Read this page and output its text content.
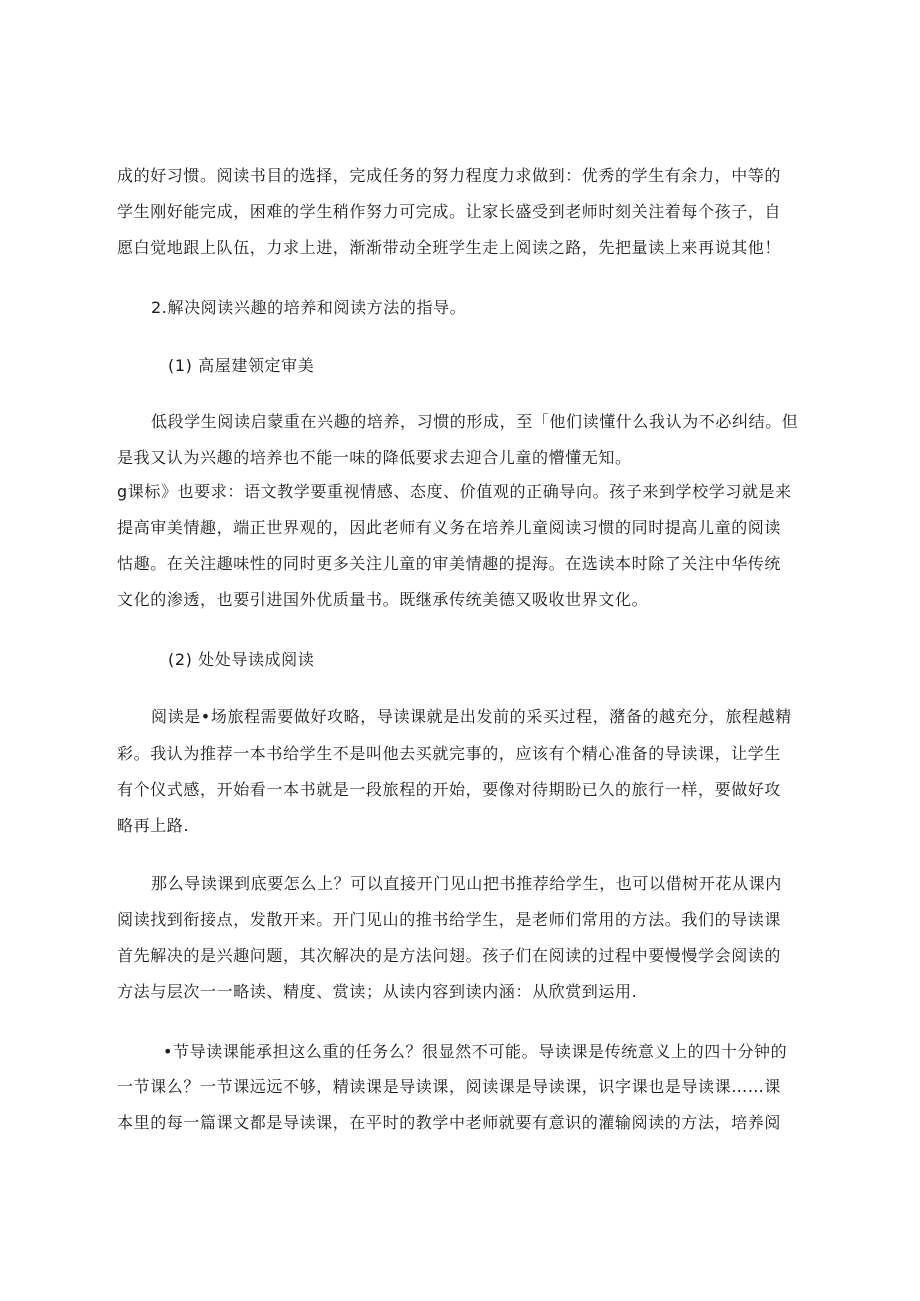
成的好习惯。阅读书目的选择，完成任务的努力程度力求做到：优秀的学生有余力，中等的
学生刚好能完成，困难的学生稍作努力可完成。让家长盛受到老师时刻关注着每个孩子，自
愿白觉地跟上队伍，力求上进，渐渐带动全班学生走上阅读之路，先把量读上来再说其他！
2.解决阅读兴趣的培养和阅读方法的指导。
(1) 高屋建领定审美
低段学生阅读启蒙重在兴趣的培养，习惯的形成，至「他们读懂什么我认为不必纠结。但
是我又认为兴趣的培养也不能一味的降低要求去迎合儿童的懵懂无知。
g课标》也要求：语文教学要重视情感、态度、价值观的正确导向。孩子来到学校学习就是来
提高审美情趣，端正世界观的，因此老师有义务在培养儿童阅读习惯的同时提高儿童的阅读
怙趣。在关注趣味性的同时更多关注儿童的审美情趣的提海。在选读本时除了关注中华传统
文化的渗透，也要引进国外优质量书。既继承传统美德又吸收世界文化。
(2) 处处导读成阅读
阅读是•场旅程需要做好攻略，导读课就是出发前的采买过程，潴备的越充分，旅程越精
彩。我认为推荐一本书给学生不是叫他去买就完事的，应该有个精心准备的导读课，让学生
有个仪式感，开始看一本书就是一段旅程的开始，要像对待期盼已久的旅行一样，要做好攻
略再上路.
那么导读课到底要怎么上？可以直接开门见山把书推荐给学生，也可以借树开花从课内
阅读找到衔接点，发散开来。开门见山的推书给学生，是老师们常用的方法。我们的导读课
首先解决的是兴趣问题，其次解决的是方法问翅。孩子们在阅读的过程中要慢慢学会阅读的
方法与层次一一略读、精度、赏读；从读内容到读内涵：从欣赏到运用.
•节导读课能承担这么重的任务么？很显然不可能。导读课是传统意义上的四十分钟的
一节课么？一节课远远不够，精读课是导读课，阅读课是导读课，识字课也是导读课……课
本里的每一篇课文都是导读课，在平时的教学中老师就要有意识的灌输阅读的方法，培养阅
